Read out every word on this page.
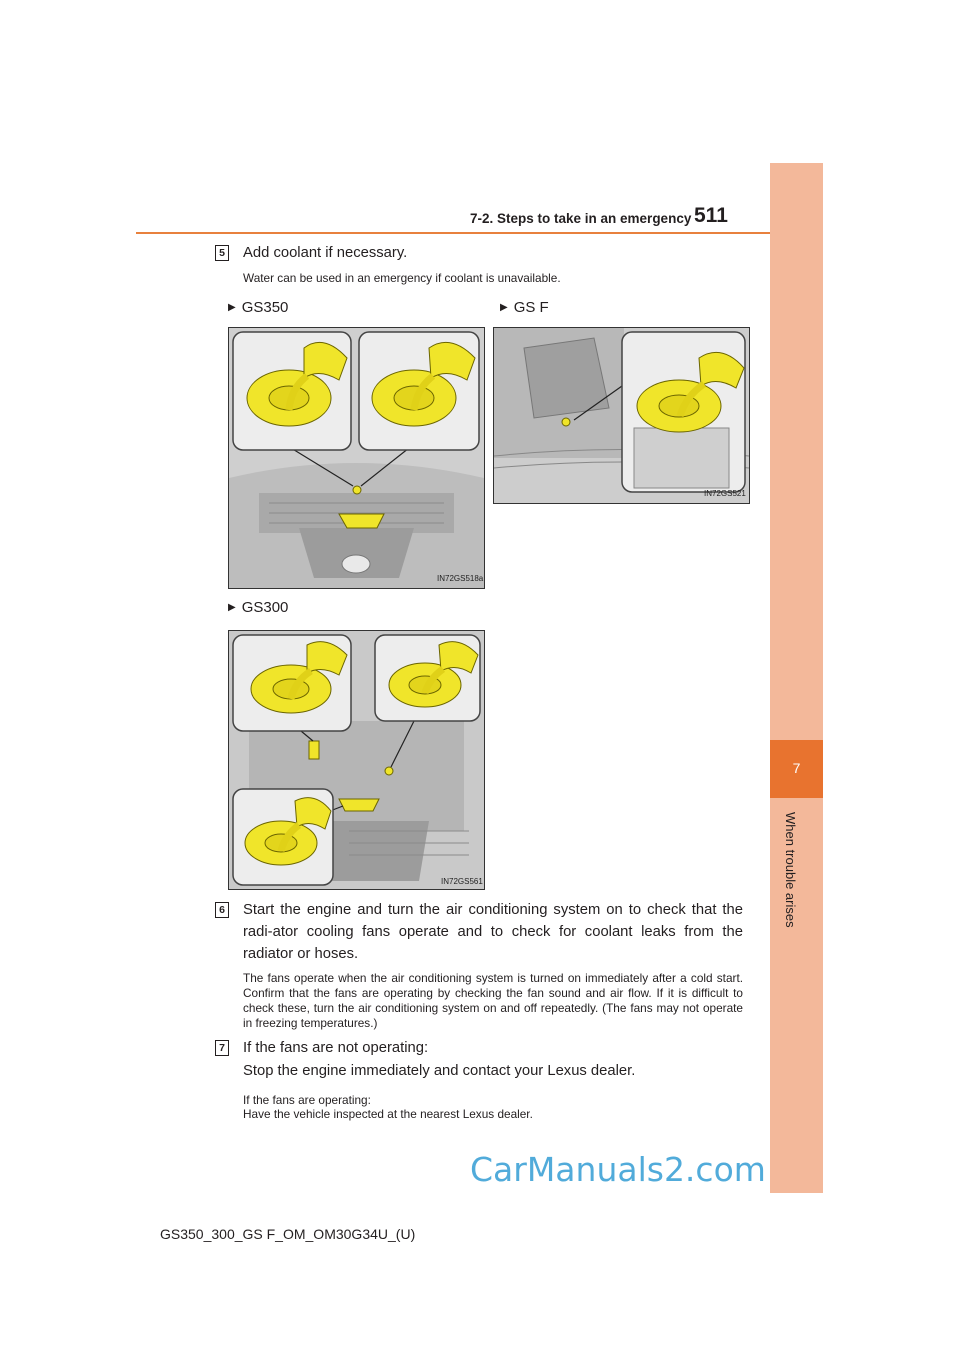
7-2. Steps to take in an emergency 511
7
When trouble arises
5 Add coolant if necessary.
Water can be used in an emergency if coolant is unavailable.
▶ GS350	▶ GS F
IN72GS518a
IN72GS521
▶ GS300
IN72GS561
6 Start the engine and turn the air conditioning system on to check that the radi-ator cooling fans operate and to check for coolant leaks from the radiator or hoses.
The fans operate when the air conditioning system is turned on immediately after a cold start. Confirm that the fans are operating by checking the fan sound and air flow. If it is difficult to check these, turn the air conditioning system on and off repeatedly. (The fans may not operate in freezing temperatures.)
7 If the fans are not operating:
Stop the engine immediately and contact your Lexus dealer.
If the fans are operating:
Have the vehicle inspected at the nearest Lexus dealer.
CarManuals2.com
GS350_300_GS F_OM_OM30G34U_(U)
